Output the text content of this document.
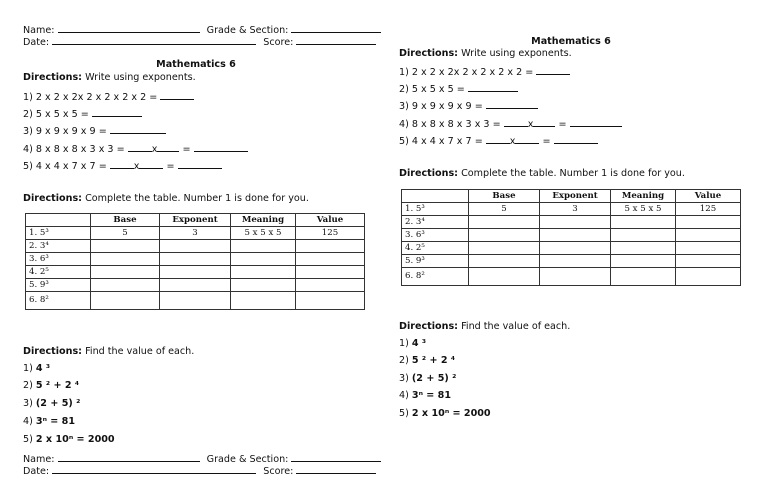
Name:	Grade & Section:
Date:	Score:
Mathematics 6
Directions: Write using exponents.
1) 2 x 2 x 2x 2 x 2 x 2 x 2 =
2) 5 x 5 x 5 =
3) 9 x 9 x 9 x 9 =
4) 8 x 8 x 8 x 3 x 3 =	x	=
5) 4 x 4 x 7 x 7 =	x	=
Directions: Complete the table. Number 1 is done for you.
	Base	Exponent	Meaning	Value
1. 5³	5	3	5 x 5 x 5	125
2. 3⁴				
3. 6³				
4. 2⁵				
5. 9³				
6. 8²				
Directions: Find the value of each.
1) 4 ³
2) 5 ² + 2 ⁴
3) (2 + 5) ²
4) 3ⁿ = 81
5) 2 x 10ⁿ = 2000
Name:	Grade & Section:
Date:	Score:
Mathematics 6
Directions: Write using exponents.
1) 2 x 2 x 2x 2 x 2 x 2 x 2 =
2) 5 x 5 x 5 =
3) 9 x 9 x 9 x 9 =
4) 8 x 8 x 8 x 3 x 3 =	x	=
5) 4 x 4 x 7 x 7 =	x	=
Directions: Complete the table. Number 1 is done for you.
	Base	Exponent	Meaning	Value
1. 5³	5	3	5 x 5 x 5	125
2. 3⁴				
3. 6³				
4. 2⁵				
5. 9³				
6. 8²				
Directions: Find the value of each.
1) 4 ³
2) 5 ² + 2 ⁴
3) (2 + 5) ²
4) 3ⁿ = 81
5) 2 x 10ⁿ = 2000
